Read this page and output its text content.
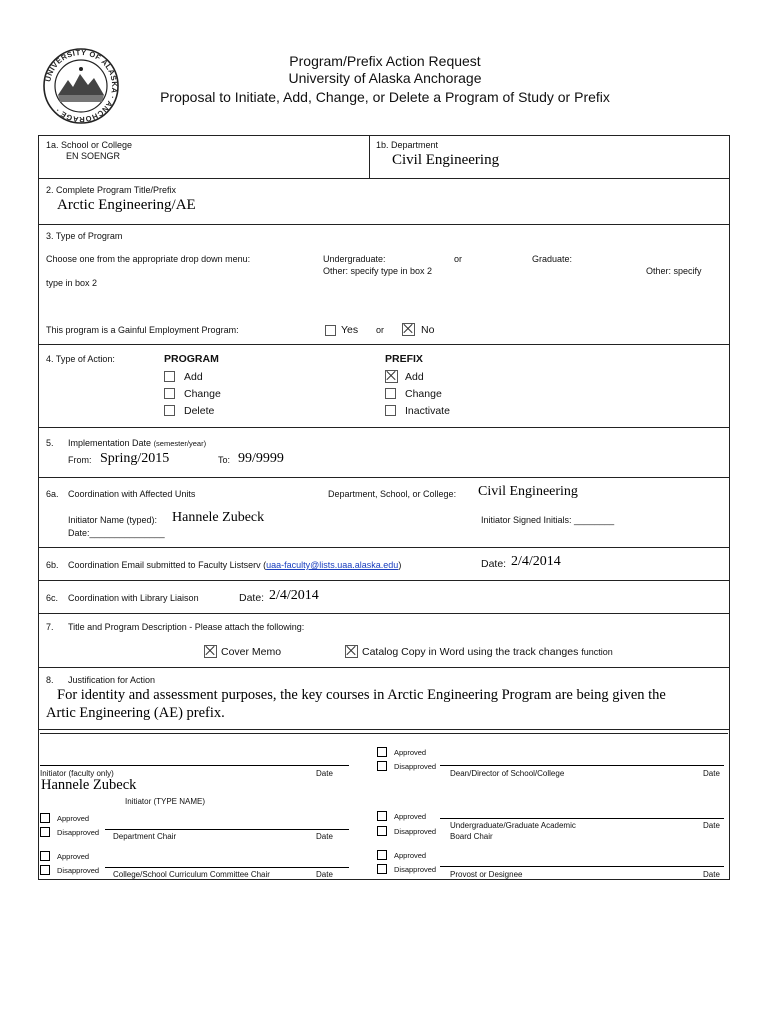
UNIVERSITY OF ALASKA · ANCHORAGE ·
Program/Prefix Action Request
University of Alaska Anchorage
Proposal to Initiate, Add, Change, or Delete a Program of Study or Prefix
1a. School or College
EN SOENGR
1b. Department
Civil Engineering
2. Complete Program Title/Prefix
Arctic Engineering/AE
3. Type of Program
Choose one from the appropriate drop down menu:	Undergraduate:	or	Graduate:
Other: specify type in box 2	Other: specify
type in box 2
This program is a Gainful Employment Program:	Yes or	No
4. Type of Action:	PROGRAM
Add
Change
Delete
PREFIX
Add
Change
Inactivate
5. Implementation Date (semester/year)
From: Spring/2015	To: 99/9999
6a. Coordination with Affected Units	Department, School, or College: Civil Engineering
Initiator Name (typed): Hannele Zubeck	Initiator Signed Initials: ________
Date:_______________
6b. Coordination Email submitted to Faculty Listserv (uaa-faculty@lists.uaa.alaska.edu)	Date: 2/4/2014
6c. Coordination with Library Liaison	Date: 2/4/2014
7. Title and Program Description - Please attach the following:
Cover Memo	Catalog Copy in Word using the track changes function
8. Justification for Action
For identity and assessment purposes, the key courses in Arctic Engineering Program are being given the
Artic Engineering (AE) prefix.
Initiator (faculty only)	Date
Hannele Zubeck
Initiator (TYPE NAME)
Approved
Disapproved Department Chair	Date
Approved
Disapproved College/School Curriculum Committee Chair	Date
Approved
Disapproved
Dean/Director of School/College	Date
Approved
Disapproved
Undergraduate/Graduate Academic
Board Chair
Date
Approved
Disapproved
Provost or Designee	Date
